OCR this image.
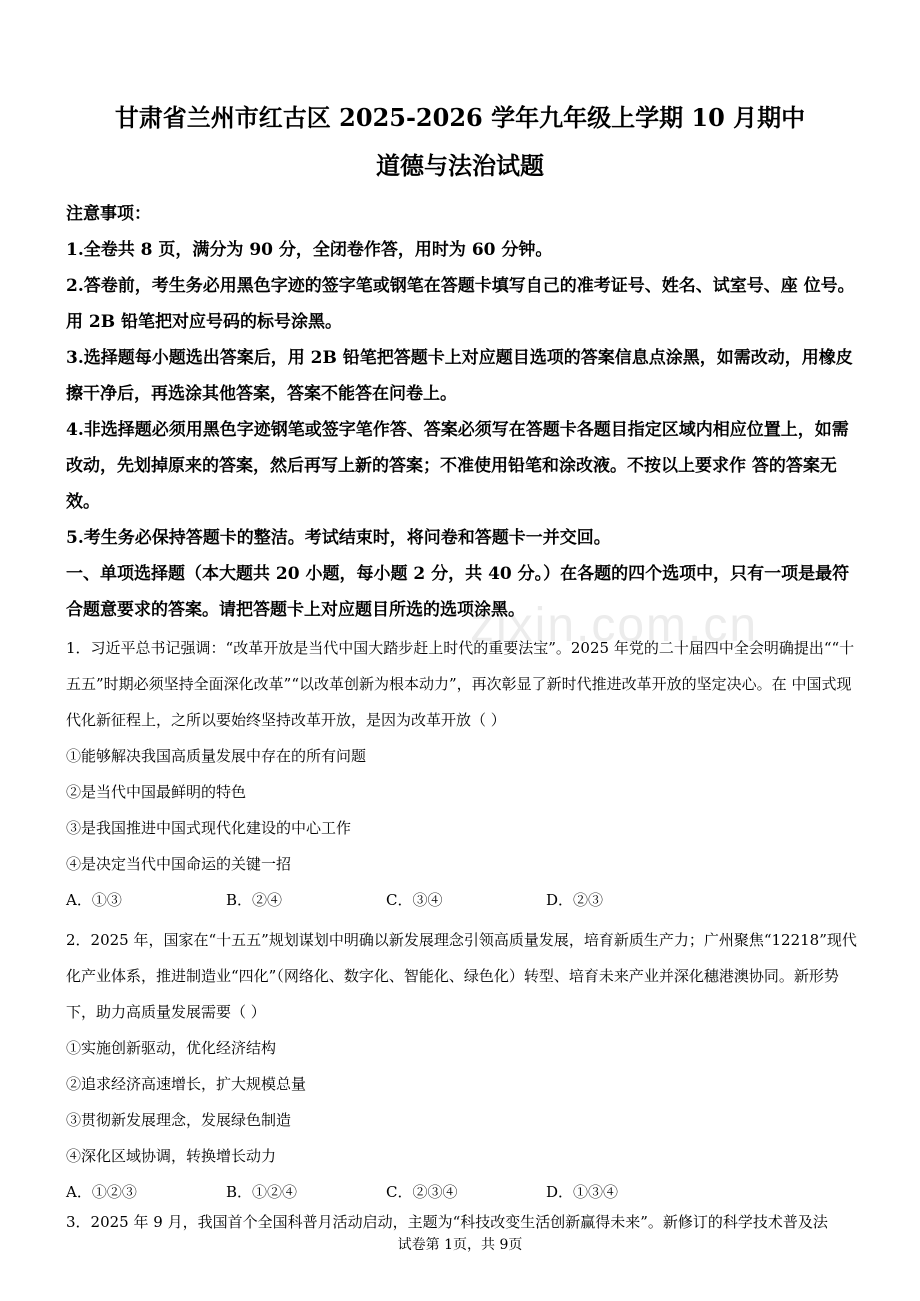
zixin.com.cn
甘肃省兰州市红古区 2025-2026 学年九年级上学期 10 月期中
道德与法治试题
注意事项：
1.全卷共 8 页，满分为 90 分，全闭卷作答，用时为 60 分钟。
2.答卷前，考生务必用黑色字迹的签字笔或钢笔在答题卡填写自己的准考证号、姓名、试室号、座 位号。用 2B 铅笔把对应号码的标号涂黑。
3.选择题每小题选出答案后，用 2B 铅笔把答题卡上对应题目选项的答案信息点涂黑，如需改动，用橡皮擦干净后，再选涂其他答案，答案不能答在问卷上。
4.非选择题必须用黑色字迹钢笔或签字笔作答、答案必须写在答题卡各题目指定区域内相应位置上，如需改动，先划掉原来的答案，然后再写上新的答案；不准使用铅笔和涂改液。不按以上要求作 答的答案无效。
5.考生务必保持答题卡的整洁。考试结束时，将问卷和答题卡一并交回。
一、单项选择题（本大题共 20 小题，每小题 2 分，共 40 分。）在各题的四个选项中，只有一项是最符合题意要求的答案。请把答题卡上对应题目所选的选项涂黑。
1．习近平总书记强调：“改革开放是当代中国大踏步赶上时代的重要法宝”。2025 年党的二十届四中全会明确提出““十五五”时期必须坚持全面深化改革”“以改革创新为根本动力”，再次彰显了新时代推进改革开放的坚定决心。在 中国式现代化新征程上，之所以要始终坚持改革开放，是因为改革开放（ ）
①能够解决我国高质量发展中存在的所有问题
②是当代中国最鲜明的特色
③是我国推进中国式现代化建设的中心工作
④是决定当代中国命运的关键一招
A．①③	B．②④	C．③④	D．②③
2．2025 年，国家在“十五五”规划谋划中明确以新发展理念引领高质量发展，培育新质生产力；广州聚焦“12218”现代化产业体系，推进制造业“四化”（网络化、数字化、智能化、绿色化）转型、培育未来产业并深化穗港澳协同。新形势下，助力高质量发展需要（ ）
①实施创新驱动，优化经济结构
②追求经济高速增长，扩大规模总量
③贯彻新发展理念，发展绿色制造
④深化区域协调，转换增长动力
A．①②③	B．①②④	C．②③④	D．①③④
3．2025 年 9 月，我国首个全国科普月活动启动，主题为“科技改变生活创新赢得未来”。新修订的科学技术普及法
试卷第 1页，共 9页
